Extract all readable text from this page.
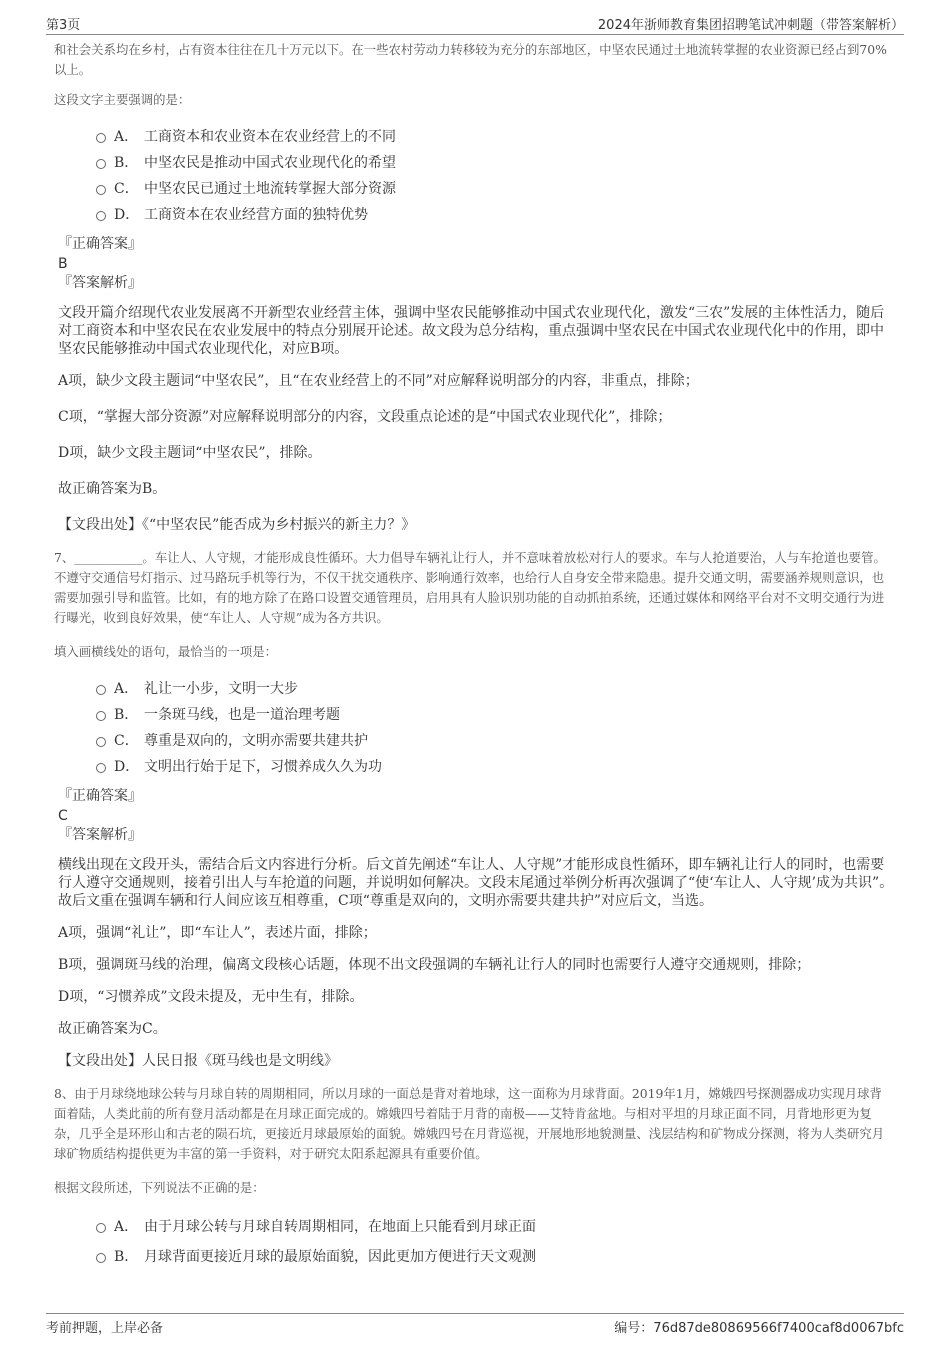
第3页	2024年浙师教育集团招聘笔试冲刺题（带答案解析）

和社会关系均在乡村，占有资本往往在几十万元以下。在一些农村劳动力转移较为充分的东部地区，中坚农民通过土地流转掌握的农业资源已经占到70%以上。

这段文字主要强调的是：

A． 工商资本和农业资本在农业经营上的不同
B． 中坚农民是推动中国式农业现代化的希望
C． 中坚农民已通过土地流转掌握大部分资源
D． 工商资本在农业经营方面的独特优势

『正确答案』

B

『答案解析』

文段开篇介绍现代农业发展离不开新型农业经营主体，强调中坚农民能够推动中国式农业现代化，激发“三农”发展的主体性活力，随后对工商资本和中坚农民在农业发展中的特点分别展开论述。故文段为总分结构，重点强调中坚农民在中国式农业现代化中的作用，即中坚农民能够推动中国式农业现代化，对应B项。

A项，缺少文段主题词“中坚农民”，且“在农业经营上的不同”对应解释说明部分的内容，非重点，排除；

C项，“掌握大部分资源”对应解释说明部分的内容，文段重点论述的是“中国式农业现代化”，排除；

D项，缺少文段主题词“中坚农民”，排除。

故正确答案为B。

【文段出处】《“中坚农民”能否成为乡村振兴的新主力？》

7、___________。车让人、人守规，才能形成良性循环。大力倡导车辆礼让行人，并不意味着放松对行人的要求。车与人抢道要治，人与车抢道也要管。不遵守交通信号灯指示、过马路玩手机等行为，不仅干扰交通秩序、影响通行效率，也给行人自身安全带来隐患。提升交通文明，需要涵养规则意识，也需要加强引导和监管。比如，有的地方除了在路口设置交通管理员，启用具有人脸识别功能的自动抓拍系统，还通过媒体和网络平台对不文明交通行为进行曝光，收到良好效果，使“车让人、人守规”成为各方共识。

填入画横线处的语句，最恰当的一项是：

A． 礼让一小步，文明一大步
B． 一条斑马线，也是一道治理考题
C． 尊重是双向的，文明亦需要共建共护
D． 文明出行始于足下，习惯养成久久为功

『正确答案』

C

『答案解析』

横线出现在文段开头，需结合后文内容进行分析。后文首先阐述“车让人、人守规”才能形成良性循环，即车辆礼让行人的同时，也需要行人遵守交通规则，接着引出人与车抢道的问题，并说明如何解决。文段末尾通过举例分析再次强调了“使‘车让人、人守规’成为共识”。故后文重在强调车辆和行人间应该互相尊重，C项“尊重是双向的，文明亦需要共建共护”对应后文，当选。

A项，强调“礼让”，即“车让人”，表述片面，排除；

B项，强调斑马线的治理，偏离文段核心话题，体现不出文段强调的车辆礼让行人的同时也需要行人遵守交通规则，排除；

D项，“习惯养成”文段未提及，无中生有，排除。

故正确答案为C。

【文段出处】人民日报《斑马线也是文明线》

8、由于月球绕地球公转与月球自转的周期相同，所以月球的一面总是背对着地球，这一面称为月球背面。2019年1月，嫦娥四号探测器成功实现月球背面着陆，人类此前的所有登月活动都是在月球正面完成的。嫦娥四号着陆于月背的南极——艾特肯盆地。与相对平坦的月球正面不同，月背地形更为复杂，几乎全是环形山和古老的陨石坑，更接近月球最原始的面貌。嫦娥四号在月背巡视，开展地形地貌测量、浅层结构和矿物成分探测，将为人类研究月球矿物质结构提供更为丰富的第一手资料，对于研究太阳系起源具有重要价值。

根据文段所述，下列说法不正确的是：

A． 由于月球公转与月球自转周期相同，在地面上只能看到月球正面
B． 月球背面更接近月球的最原始面貌，因此更加方便进行天文观测
考前押题，上岸必备	编号：76d87de80869566f7400caf8d0067bfc
